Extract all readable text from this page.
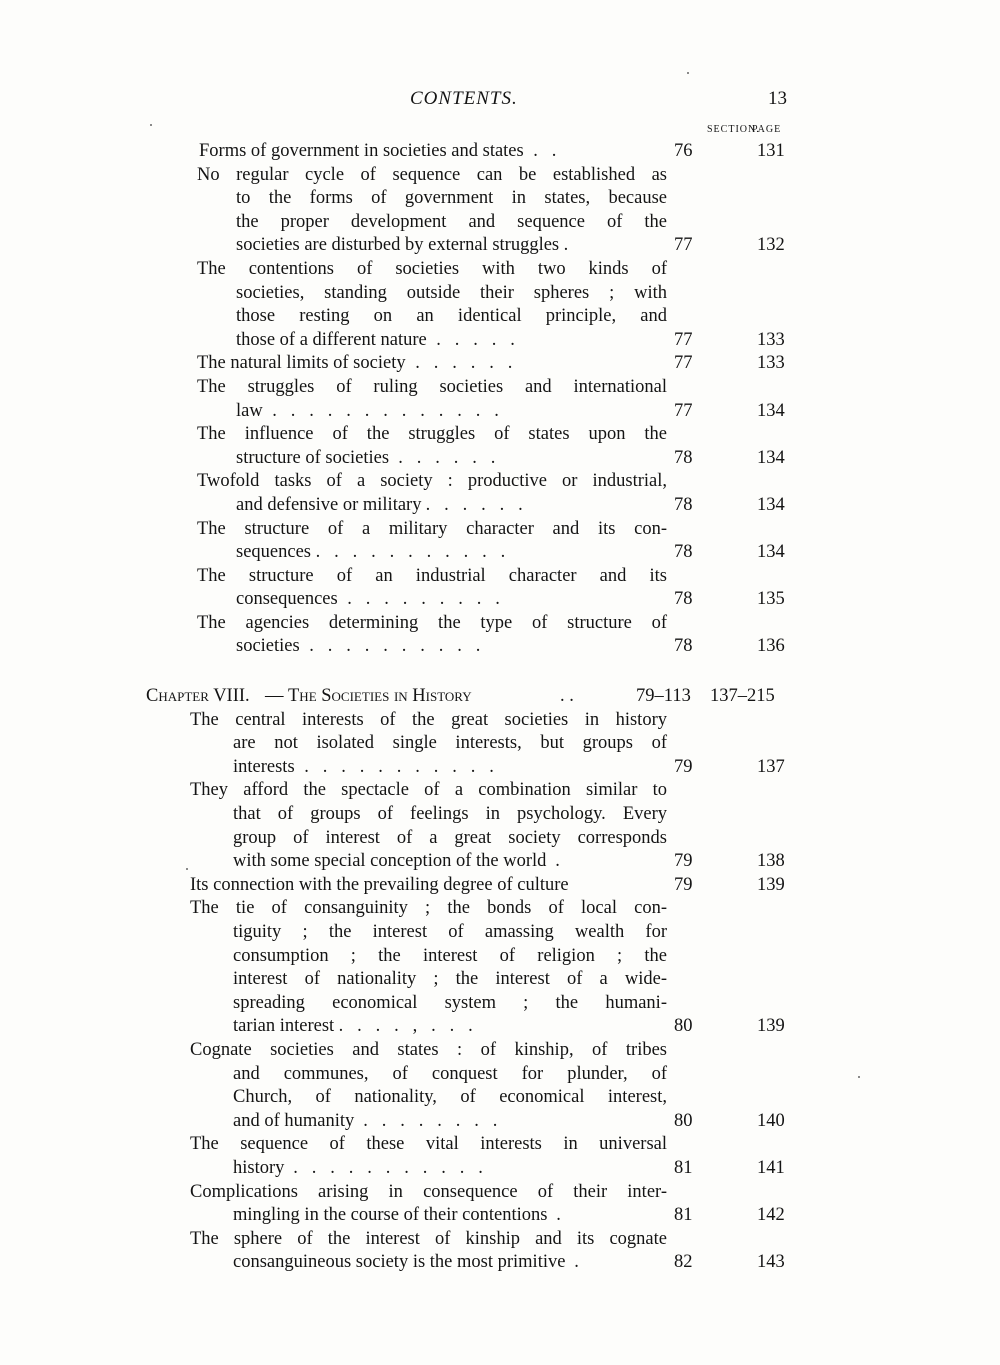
CONTENTS.	13
SECTION.
PAGE
Forms of government in societies and states .   .	76	131
No regular cycle of sequence can be established as
to the forms of government in states, because
the proper development and sequence of the
societies are disturbed by external struggles .	77	132
The contentions of societies with two kinds of
societies, standing outside their spheres ; with
those resting on an identical principle, and
those of a different nature .   .   .   .   .	77	133
The natural limits of society .   .   .   .   .   .	77	133
The struggles of ruling societies and international
law .   .   .   .   .   .   .   .   .   .   .   .   .	77	134
The influence of the struggles of states upon the
structure of societies .   .   .   .   .   .	78	134
Twofold tasks of a society : productive or industrial,
and defensive or military .   .   .   .   .   .	78	134
The structure of a military character and its con-
sequences .   .   .   .   .   .   .   .   .   .   .	78	134
The structure of an industrial character and its
consequences .   .   .   .   .   .   .   .   .	78	135
The agencies determining the type of structure of
societies .   .   .   .   .   .   .   .   .   .	78	136
Chapter VIII. — The Societies in History	. .	79–113 137–215
The central interests of the great societies in history
are not isolated single interests, but groups of
interests .   .   .   .   .   .   .   .   .   .   .	79	137
They afford the spectacle of a combination similar to
that of groups of feelings in psychology. Every
group of interest of a great society corresponds
with some special conception of the world .	79	138
Its connection with the prevailing degree of culture	79	139
The tie of consanguinity ; the bonds of local con-
tiguity ; the interest of amassing wealth for
consumption ; the interest of religion ; the
interest of nationality ; the interest of a wide-
spreading economical system ; the humani-
tarian interest .   .   .   .   ,   .   .   .	80	139
Cognate societies and states : of kinship, of tribes
and communes, of conquest for plunder, of
Church, of nationality, of economical interest,
and of humanity .   .   .   .   .   .   .   .	80	140
The sequence of these vital interests in universal
history .   .   .   .   .   .   .   .   .   .   .	81	141
Complications arising in consequence of their inter-
mingling in the course of their contentions .	81	142
The sphere of the interest of kinship and its cognate
consanguineous society is the most primitive .	82	143
